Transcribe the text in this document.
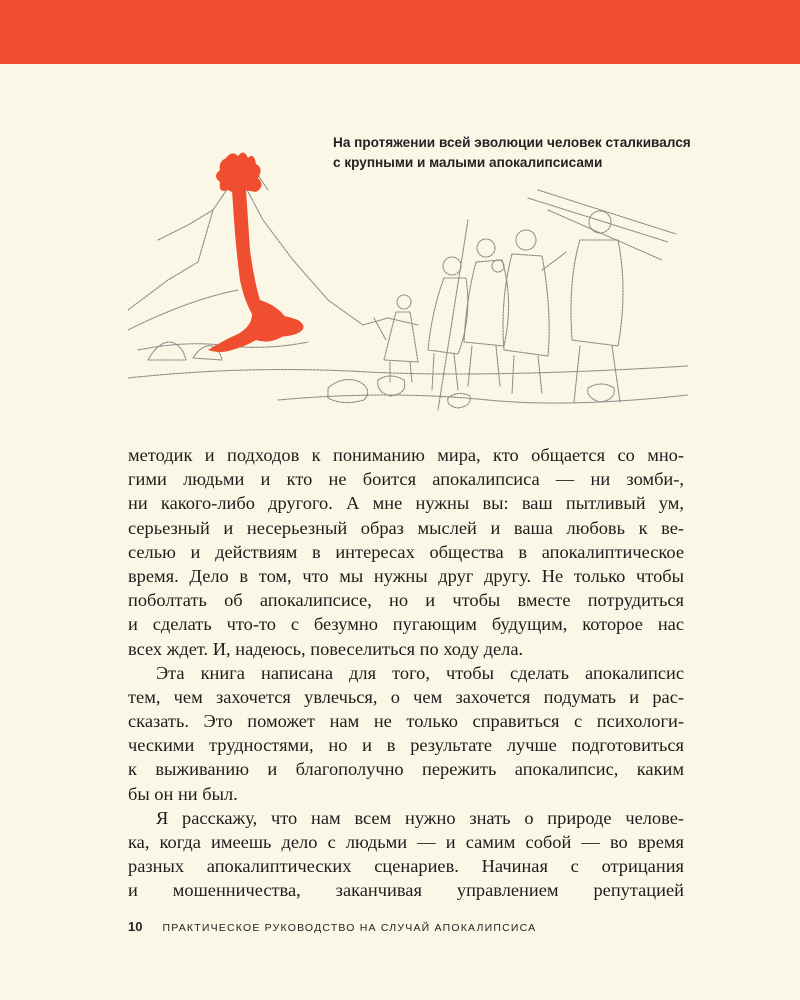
На протяжении всей эволюции человек сталкивался
с крупными и малыми апокалипсисами
методик и подходов к пониманию мира, кто общается со мно-
гими людьми и кто не боится апокалипсиса — ни зомби-,
ни какого-либо другого. А мне нужны вы: ваш пытливый ум,
серьезный и несерьезный образ мыслей и ваша любовь к ве-
селью и действиям в интересах общества в апокалиптическое
время. Дело в том, что мы нужны друг другу. Не только чтобы
поболтать об апокалипсисе, но и чтобы вместе потрудиться
и сделать что-то с безумно пугающим будущим, которое нас
всех ждет. И, надеюсь, повеселиться по ходу дела.
Эта книга написана для того, чтобы сделать апокалипсис
тем, чем захочется увлечься, о чем захочется подумать и рас-
сказать. Это поможет нам не только справиться с психологи-
ческими трудностями, но и в результате лучше подготовиться
к выживанию и благополучно пережить апокалипсис, каким
бы он ни был.
Я расскажу, что нам всем нужно знать о природе челове-
ка, когда имеешь дело с людьми — и самим собой — во время
разных апокалиптических сценариев. Начиная с отрицания
и мошенничества, заканчивая управлением репутацией
10 ПРАКТИЧЕСКОЕ РУКОВОДСТВО НА СЛУЧАЙ АПОКАЛИПСИСА
